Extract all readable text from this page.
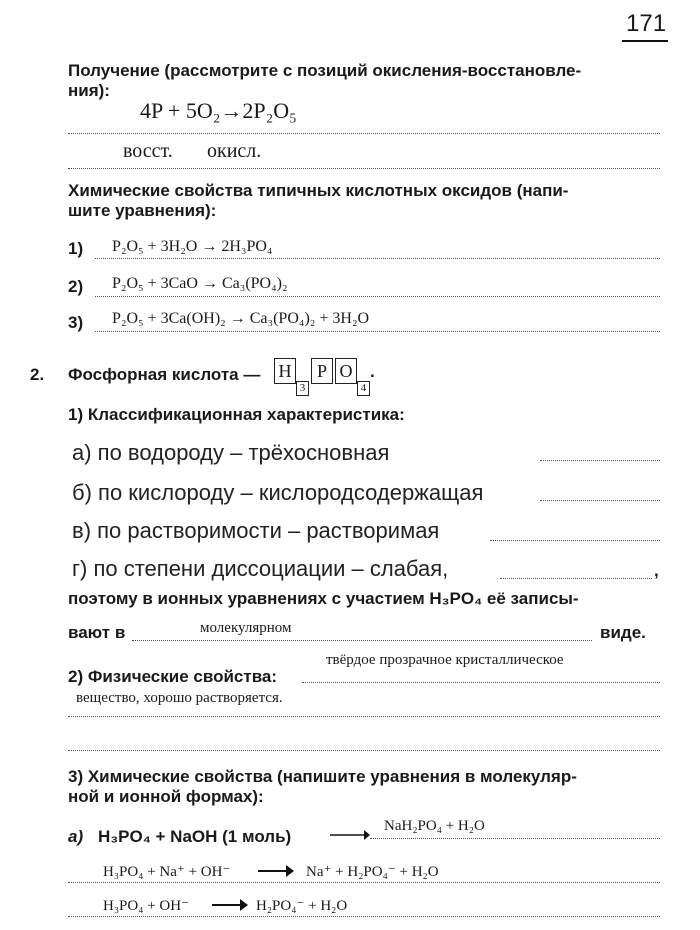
171
Получение (рассмотрите с позиций окисления-восстановле-
ния):
4P + 5O₂→2P₂O₅
восст. окисл.
Химические свойства типичных кислотных оксидов (напи-
шите уравнения):
1) P₂O₅ + 3H₂O → 2H₃PO₄
2) P₂O₅ + 3CaO → Ca₃(PO₄)₂
3) P₂O₅ + 3Ca(OH)₂ → Ca₃(PO₄)₂ + 3H₂O
2. Фосфорная кислота —	H3P O4.
1) Классификационная характеристика:
а) по водороду – трёхосновная
б) по кислороду – кислородсодержащая
в) по растворимости – растворимая
г) по степени диссоциации – слабая,	,
поэтому в ионных уравнениях с участием H₃PO₄ её записы-
вают в	молекулярном	виде.
твёрдое прозрачное кристаллическое
2) Физические свойства:
вещество, хорошо растворяется.
3) Химические свойства (напишите уравнения в молекуляр-
ной и ионной формах):
а) H₃PO₄ + NaOH (1 моль)
NaH₂PO₄ + H₂O
H₃PO₄ + Na⁺ + OH⁻	Na⁺ + H₂PO₄⁻ + H₂O
H₃PO₄ + OH⁻	H₂PO₄⁻ + H₂O
